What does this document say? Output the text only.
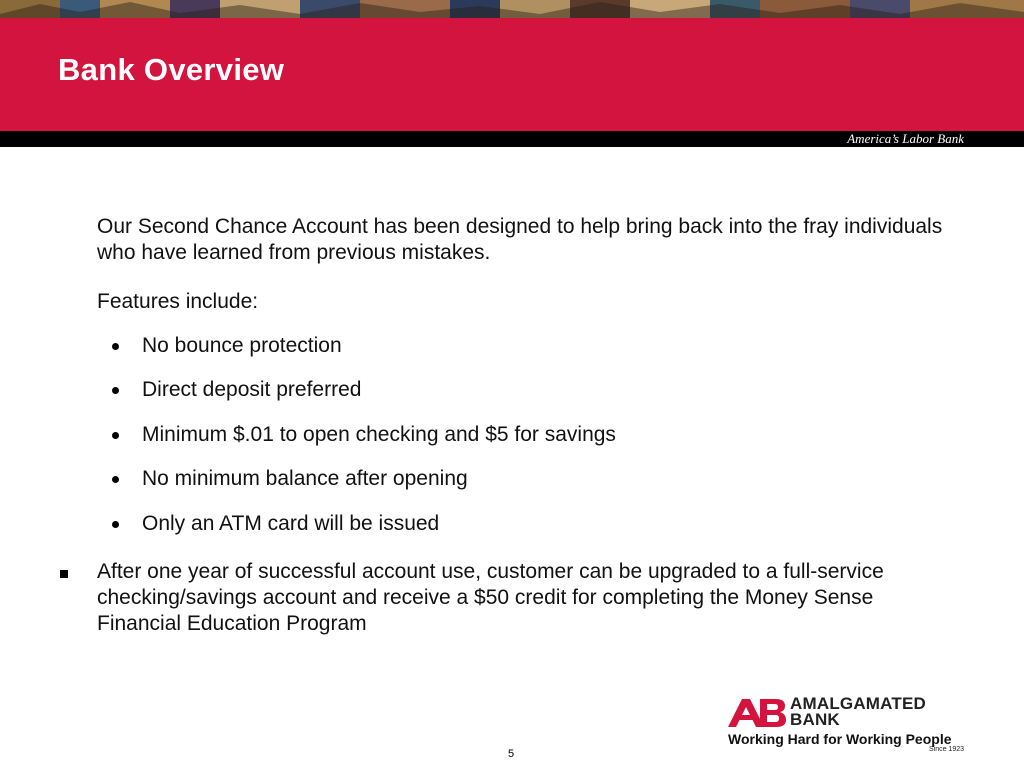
Bank Overview
America’s Labor Bank

Our Second Chance Account has been designed to help bring back into the fray individuals who have learned from previous mistakes.

Features include:

No bounce protection
Direct deposit preferred
Minimum $.01 to open checking and $5 for savings
No minimum balance after opening
Only an ATM card will be issued

After one year of successful account use, customer can be upgraded to a full-service checking/savings account and receive a $50 credit for completing the Money Sense Financial Education Program

AMALGAMATED
BANK
Working Hard for Working People
Since 1923
5
